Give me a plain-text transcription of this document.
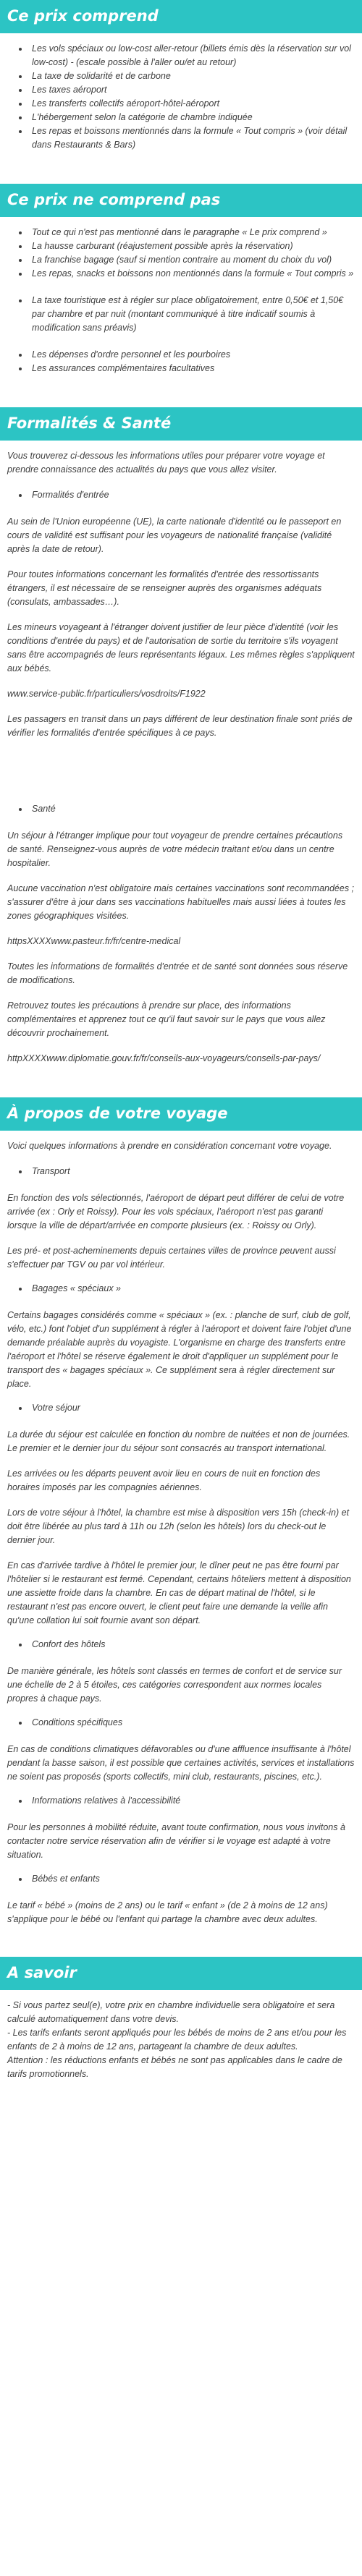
Ce prix comprend
• Les vols spéciaux ou low-cost aller-retour (billets émis dès la réservation sur vol low-cost) - (escale possible à l'aller ou/et au retour)
• La taxe de solidarité et de carbone
• Les taxes aéroport
• Les transferts collectifs aéroport-hôtel-aéroport
• L'hébergement selon la catégorie de chambre indiquée
• Les repas et boissons mentionnés dans la formule « Tout compris » (voir détail dans Restaurants & Bars)
Ce prix ne comprend pas
• Tout ce qui n'est pas mentionné dans le paragraphe « Le prix comprend »
• La hausse carburant (réajustement possible après la réservation)
• La franchise bagage (sauf si mention contraire au moment du choix du vol)
• Les repas, snacks et boissons non mentionnés dans la formule « Tout compris »
• La taxe touristique est à régler sur place obligatoirement, entre 0,50€ et 1,50€ par chambre et par nuit (montant communiqué à titre indicatif soumis à modification sans préavis)
• Les dépenses d'ordre personnel et les pourboires
• Les assurances complémentaires facultatives
Formalités & Santé

Vous trouverez ci-dessous les informations utiles pour préparer votre voyage et prendre connaissance des actualités du pays que vous allez visiter.

• Formalités d'entrée

Au sein de l'Union européenne (UE), la carte nationale d'identité ou le passeport en cours de validité est suffisant pour les voyageurs de nationalité française (validité après la date de retour).

Pour toutes informations concernant les formalités d'entrée des ressortissants étrangers, il est nécessaire de se renseigner auprès des organismes adéquats (consulats, ambassades…).

Les mineurs voyageant à l'étranger doivent justifier de leur pièce d'identité (voir les conditions d'entrée du pays) et de l'autorisation de sortie du territoire s'ils voyagent sans être accompagnés de leurs représentants légaux. Les mêmes règles s'appliquent aux bébés.

www.service-public.fr/particuliers/vosdroits/F1922

Les passagers en transit dans un pays différent de leur destination finale sont priés de vérifier les formalités d'entrée spécifiques à ce pays.

• Santé

Un séjour à l'étranger implique pour tout voyageur de prendre certaines précautions de santé. Renseignez-vous auprès de votre médecin traitant et/ou dans un centre hospitalier.

Aucune vaccination n'est obligatoire mais certaines vaccinations sont recommandées ; s'assurer d'être à jour dans ses vaccinations habituelles mais aussi liées à toutes les zones géographiques visitées.

httpsXXXXwww.pasteur.fr/fr/centre-medical

Toutes les informations de formalités d'entrée et de santé sont données sous réserve de modifications.

Retrouvez toutes les précautions à prendre sur place, des informations complémentaires et apprenez tout ce qu'il faut savoir sur le pays que vous allez découvrir prochainement.

httpXXXXwww.diplomatie.gouv.fr/fr/conseils-aux-voyageurs/conseils-par-pays/

À propos de votre voyage

Voici quelques informations à prendre en considération concernant votre voyage.

• Transport

En fonction des vols sélectionnés, l'aéroport de départ peut différer de celui de votre arrivée (ex : Orly et Roissy). Pour les vols spéciaux, l'aéroport n'est pas garanti lorsque la ville de départ/arrivée en comporte plusieurs (ex. : Roissy ou Orly).

Les pré- et post-acheminements depuis certaines villes de province peuvent aussi s'effectuer par TGV ou par vol intérieur.

• Bagages « spéciaux »

Certains bagages considérés comme « spéciaux » (ex. : planche de surf, club de golf, vélo, etc.) font l'objet d'un supplément à régler à l'aéroport et doivent faire l'objet d'une demande préalable auprès du voyagiste. L'organisme en charge des transferts entre l'aéroport et l'hôtel se réserve également le droit d'appliquer un supplément pour le transport des « bagages spéciaux ». Ce supplément sera à régler directement sur place.

• Votre séjour

La durée du séjour est calculée en fonction du nombre de nuitées et non de journées. Le premier et le dernier jour du séjour sont consacrés au transport international.

Les arrivées ou les départs peuvent avoir lieu en cours de nuit en fonction des horaires imposés par les compagnies aériennes.

Lors de votre séjour à l'hôtel, la chambre est mise à disposition vers 15h (check-in) et doit être libérée au plus tard à 11h ou 12h (selon les hôtels) lors du check-out le dernier jour.

En cas d'arrivée tardive à l'hôtel le premier jour, le dîner peut ne pas être fourni par l'hôtelier si le restaurant est fermé. Cependant, certains hôteliers mettent à disposition une assiette froide dans la chambre. En cas de départ matinal de l'hôtel, si le restaurant n'est pas encore ouvert, le client peut faire une demande la veille afin qu'une collation lui soit fournie avant son départ.

• Confort des hôtels

De manière générale, les hôtels sont classés en termes de confort et de service sur une échelle de 2 à 5 étoiles, ces catégories correspondent aux normes locales propres à chaque pays.

• Conditions spécifiques

En cas de conditions climatiques défavorables ou d'une affluence insuffisante à l'hôtel pendant la basse saison, il est possible que certaines activités, services et installations ne soient pas proposés (sports collectifs, mini club, restaurants, piscines, etc.).

• Informations relatives à l'accessibilité

Pour les personnes à mobilité réduite, avant toute confirmation, nous vous invitons à contacter notre service réservation afin de vérifier si le voyage est adapté à votre situation.

• Bébés et enfants

Le tarif « bébé » (moins de 2 ans) ou le tarif « enfant » (de 2 à moins de 12 ans) s'applique pour le bébé ou l'enfant qui partage la chambre avec deux adultes.

A savoir
- Si vous partez seul(e), votre prix en chambre individuelle sera obligatoire et sera calculé automatiquement dans votre devis.
- Les tarifs enfants seront appliqués pour les bébés de moins de 2 ans et/ou pour les enfants de 2 à moins de 12 ans, partageant la chambre de deux adultes.
Attention : les réductions enfants et bébés ne sont pas applicables dans le cadre de tarifs promotionnels.
